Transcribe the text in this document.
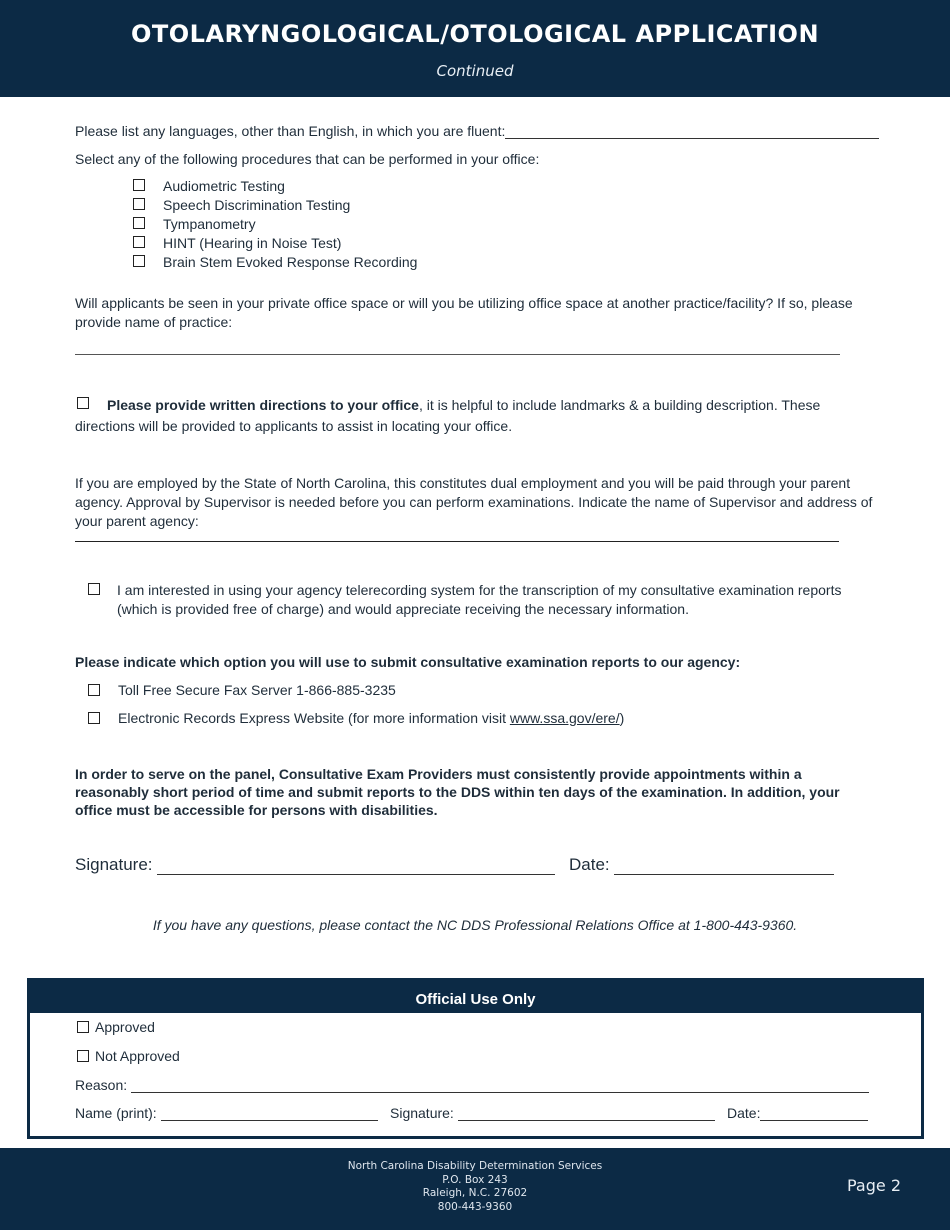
OTOLARYNGOLOGICAL/OTOLOGICAL APPLICATION
Continued
Please list any languages, other than English, in which you are fluent:
Select any of the following procedures that can be performed in your office:
Audiometric Testing
Speech Discrimination Testing
Tympanometry
HINT (Hearing in Noise Test)
Brain Stem Evoked Response Recording
Will applicants be seen in your private office space or will you be utilizing office space at another practice/facility? If so, please provide name of practice:
Please provide written directions to your office, it is helpful to include landmarks & a building description. These directions will be provided to applicants to assist in locating your office.
If you are employed by the State of North Carolina, this constitutes dual employment and you will be paid through your parent agency. Approval by Supervisor is needed before you can perform examinations. Indicate the name of Supervisor and address of your parent agency:
I am interested in using your agency telerecording system for the transcription of my consultative examination reports (which is provided free of charge) and would appreciate receiving the necessary information.
Please indicate which option you will use to submit consultative examination reports to our agency:
Toll Free Secure Fax Server 1-866-885-3235
Electronic Records Express Website (for more information visit www.ssa.gov/ere/)
In order to serve on the panel, Consultative Exam Providers must consistently provide appointments within a reasonably short period of time and submit reports to the DDS within ten days of the examination. In addition, your office must be accessible for persons with disabilities.
Signature:	Date:
If you have any questions, please contact the NC DDS Professional Relations Office at 1-800-443-9360.
Official Use Only
Approved
Not Approved
Reason:
Name (print):	Signature:	Date:
North Carolina Disability Determination Services
P.O. Box 243
Raleigh, N.C. 27602
800-443-9360
Page 2
